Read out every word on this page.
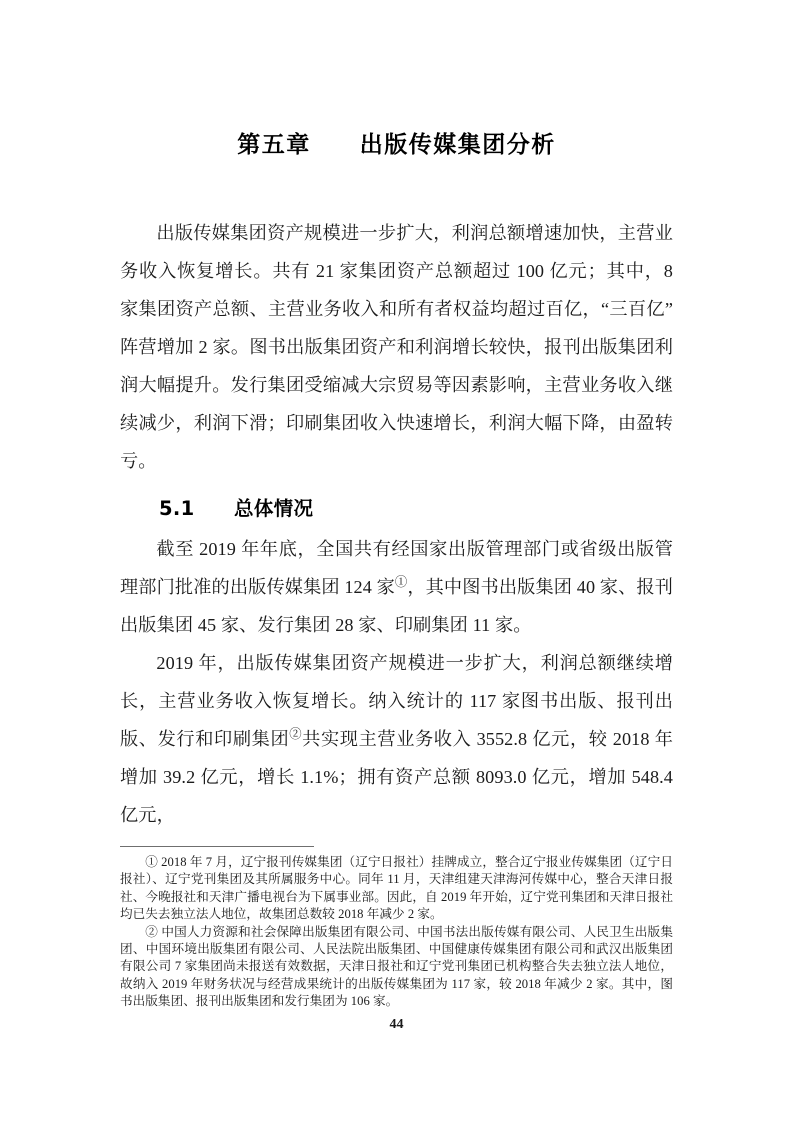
第五章　　出版传媒集团分析

出版传媒集团资产规模进一步扩大，利润总额增速加快，主营业务收入恢复增长。共有 21 家集团资产总额超过 100 亿元；其中，8 家集团资产总额、主营业务收入和所有者权益均超过百亿，“三百亿”阵营增加 2 家。图书出版集团资产和利润增长较快，报刊出版集团利润大幅提升。发行集团受缩减大宗贸易等因素影响，主营业务收入继续减少，利润下滑；印刷集团收入快速增长，利润大幅下降，由盈转亏。

5.1　　总体情况

截至 2019 年年底，全国共有经国家出版管理部门或省级出版管理部门批准的出版传媒集团 124 家①，其中图书出版集团 40 家、报刊出版集团 45 家、发行集团 28 家、印刷集团 11 家。

2019 年，出版传媒集团资产规模进一步扩大，利润总额继续增长，主营业务收入恢复增长。纳入统计的 117 家图书出版、报刊出版、发行和印刷集团②共实现主营业务收入 3552.8 亿元，较 2018 年增加 39.2 亿元，增长 1.1%；拥有资产总额 8093.0 亿元，增加 548.4 亿元，

① 2018 年 7 月，辽宁报刊传媒集团（辽宁日报社）挂牌成立，整合辽宁报业传媒集团（辽宁日报社）、辽宁党刊集团及其所属服务中心。同年 11 月，天津组建天津海河传媒中心，整合天津日报社、今晚报社和天津广播电视台为下属事业部。因此，自 2019 年开始，辽宁党刊集团和天津日报社均已失去独立法人地位，故集团总数较 2018 年减少 2 家。

② 中国人力资源和社会保障出版集团有限公司、中国书法出版传媒有限公司、人民卫生出版集团、中国环境出版集团有限公司、人民法院出版集团、中国健康传媒集团有限公司和武汉出版集团有限公司 7 家集团尚未报送有效数据，天津日报社和辽宁党刊集团已机构整合失去独立法人地位，故纳入 2019 年财务状况与经营成果统计的出版传媒集团为 117 家，较 2018 年减少 2 家。其中，图书出版集团、报刊出版集团和发行集团为 106 家。

44
